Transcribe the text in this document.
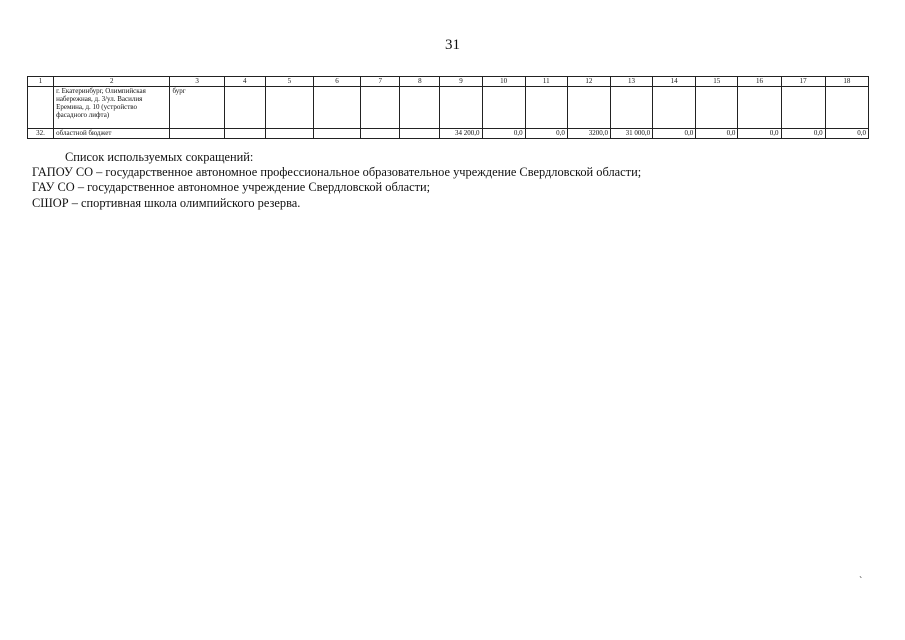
31
1	2	3	4	5	6	7	8	9	10	11	12	13	14	15	16	17	18
	г. Екатеринбург, Олимпийская набережная, д. 3/ул. Василия Еремина, д. 10 (устройство фасадного лифта)	бург															
32.	областной бюджет							34 200,0	0,0	0,0	3200,0	31 000,0	0,0	0,0	0,0	0,0	0,0
Список используемых сокращений:
ГАПОУ СО – государственное автономное профессиональное образовательное учреждение Свердловской области;
ГАУ СО – государственное автономное учреждение Свердловской области;
СШОР – спортивная школа олимпийского резерва.
`
